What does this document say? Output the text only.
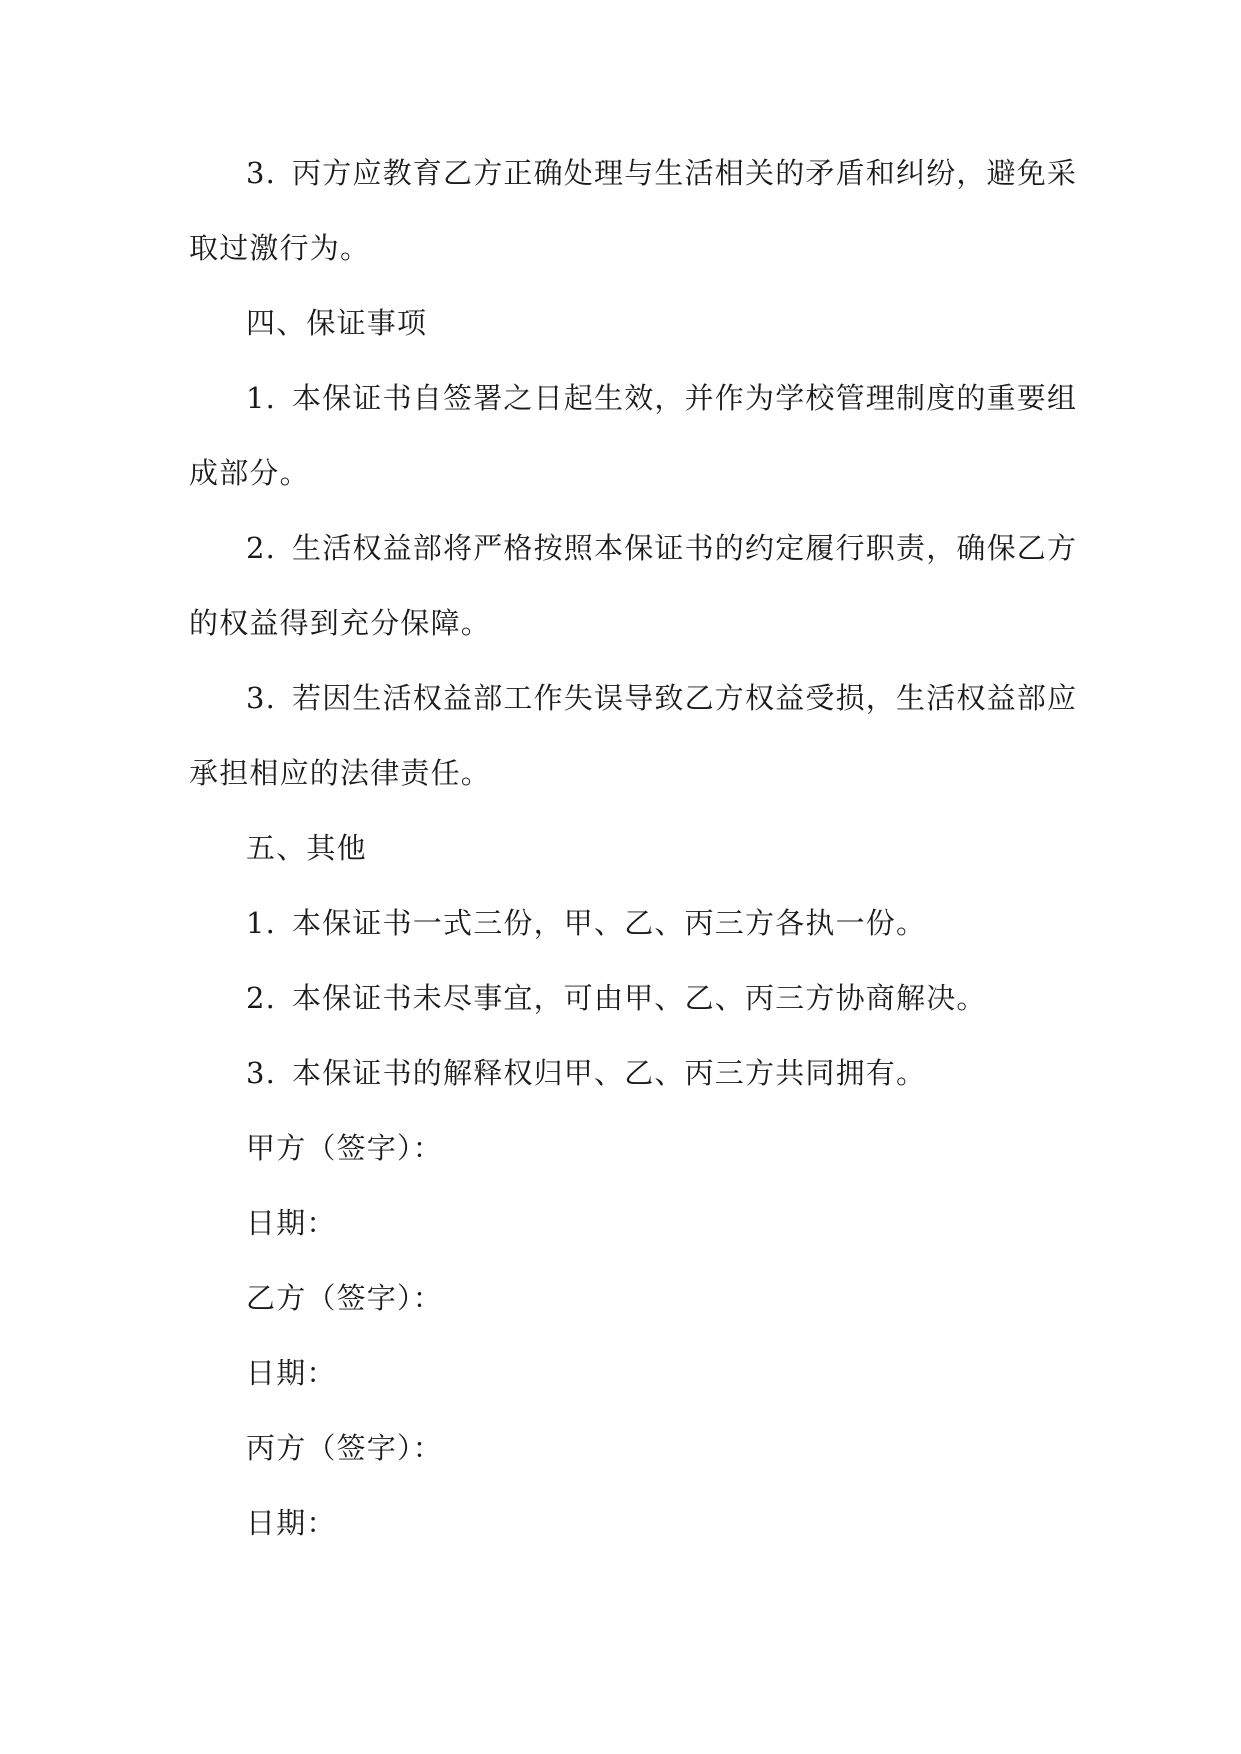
3. 丙方应教育乙方正确处理与生活相关的矛盾和纠纷，避免采
取过激行为。
四、保证事项
1. 本保证书自签署之日起生效，并作为学校管理制度的重要组
成部分。
2. 生活权益部将严格按照本保证书的约定履行职责，确保乙方
的权益得到充分保障。
3. 若因生活权益部工作失误导致乙方权益受损，生活权益部应
承担相应的法律责任。
五、其他
1. 本保证书一式三份，甲、乙、丙三方各执一份。
2. 本保证书未尽事宜，可由甲、乙、丙三方协商解决。
3. 本保证书的解释权归甲、乙、丙三方共同拥有。
甲方（签字）：
日期：
乙方（签字）：
日期：
丙方（签字）：
日期：
